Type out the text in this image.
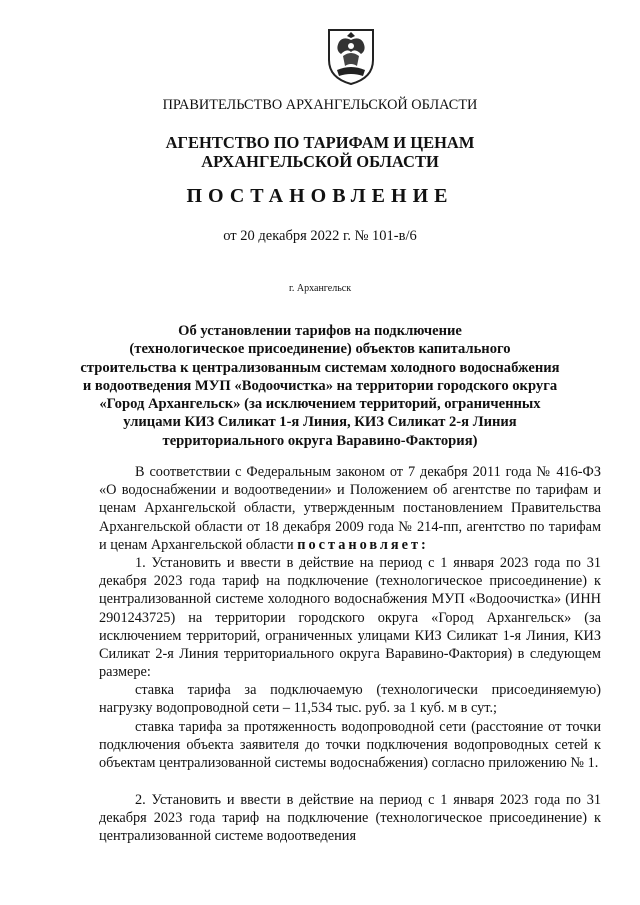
ПРАВИТЕЛЬСТВО АРХАНГЕЛЬСКОЙ ОБЛАСТИ
АГЕНТСТВО ПО ТАРИФАМ И ЦЕНАМ
АРХАНГЕЛЬСКОЙ ОБЛАСТИ
ПОСТАНОВЛЕНИЕ
от 20 декабря 2022 г. № 101-в/6
г. Архангельск
Об установлении тарифов на подключение
(технологическое присоединение) объектов капитального
строительства к централизованным системам холодного водоснабжения
и водоотведения МУП «Водоочистка» на территории городского округа
«Город Архангельск» (за исключением территорий, ограниченных
улицами КИЗ Силикат 1-я Линия, КИЗ Силикат 2-я Линия
территориального округа Варавино-Фактория)
В соответствии с Федеральным законом от 7 декабря 2011 года № 416-ФЗ «О водоснабжении и водоотведении» и Положением об агентстве по тарифам и ценам Архангельской области, утвержденным постановлением Правительства Архангельской области от 18 декабря 2009 года № 214-пп, агентство по тарифам и ценам Архангельской области постановляет:
1. Установить и ввести в действие на период с 1 января 2023 года по 31 декабря 2023 года тариф на подключение (технологическое присоединение) к централизованной системе холодного водоснабжения МУП «Водоочистка» (ИНН 2901243725) на территории городского округа «Город Архангельск» (за исключением территорий, ограниченных улицами КИЗ Силикат 1-я Линия, КИЗ Силикат 2-я Линия территориального округа Варавино-Фактория) в следующем размере:
ставка тарифа за подключаемую (технологически присоединяемую) нагрузку водопроводной сети – 11,534 тыс. руб. за 1 куб. м в сут.;
ставка тарифа за протяженность водопроводной сети (расстояние от точки подключения объекта заявителя до точки подключения водопроводных сетей к объектам централизованной системы водоснабжения) согласно приложению № 1.
2. Установить и ввести в действие на период с 1 января 2023 года по 31 декабря 2023 года тариф на подключение (технологическое присоединение) к централизованной системе водоотведения
